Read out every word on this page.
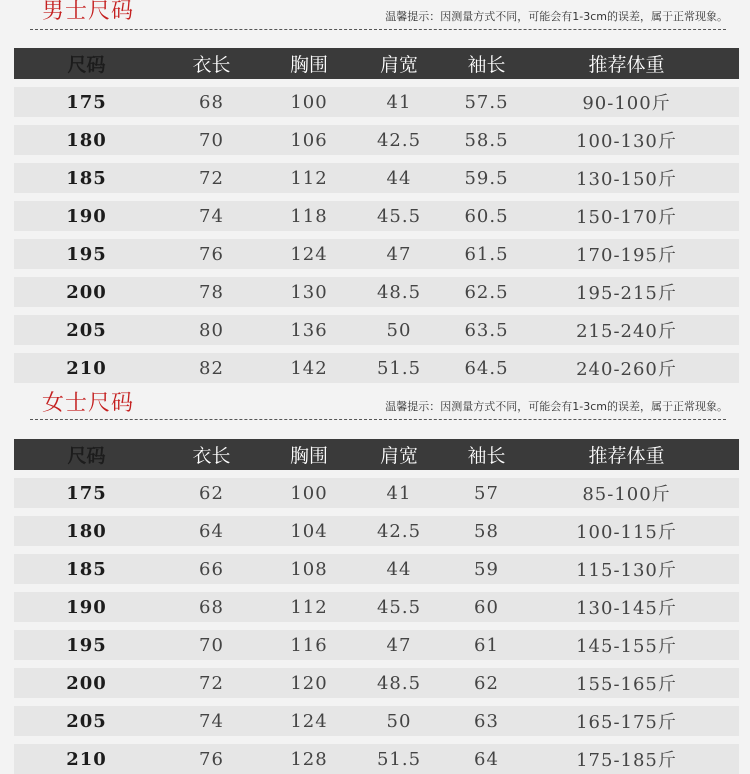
男士尺码	温馨提示：因测量方式不同，可能会有1-3cm的误差，属于正常现象。
尺码	衣长	胸围	肩宽	袖长	推荐体重
175	68	100	41	57.5	90-100斤
180	70	106	42.5	58.5	100-130斤
185	72	112	44	59.5	130-150斤
190	74	118	45.5	60.5	150-170斤
195	76	124	47	61.5	170-195斤
200	78	130	48.5	62.5	195-215斤
205	80	136	50	63.5	215-240斤
210	82	142	51.5	64.5	240-260斤
女士尺码	温馨提示：因测量方式不同，可能会有1-3cm的误差，属于正常现象。
尺码	衣长	胸围	肩宽	袖长	推荐体重
175	62	100	41	57	85-100斤
180	64	104	42.5	58	100-115斤
185	66	108	44	59	115-130斤
190	68	112	45.5	60	130-145斤
195	70	116	47	61	145-155斤
200	72	120	48.5	62	155-165斤
205	74	124	50	63	165-175斤
210	76	128	51.5	64	175-185斤
